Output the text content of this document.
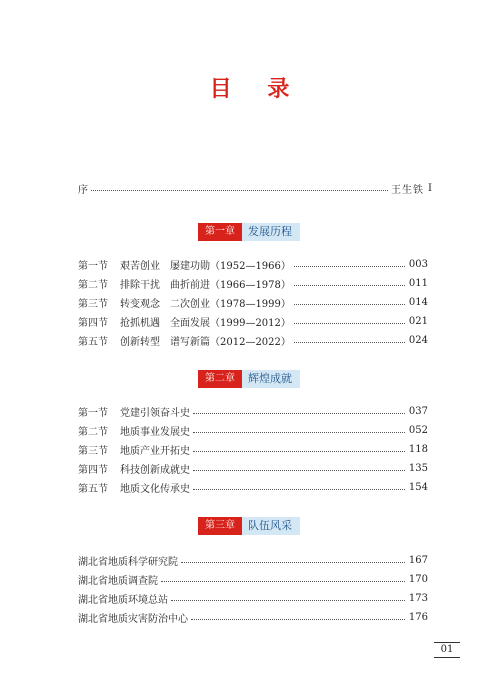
目 录
序	王生铁 Ⅰ
第一章	发展历程
第一节	艰苦创业　屡建功勋（1952—1966）	003
第二节	排除干扰　曲折前进（1966—1978）	011
第三节	转变观念　二次创业（1978—1999）	014
第四节	抢抓机遇　全面发展（1999—2012）	021
第五节	创新转型　谱写新篇（2012—2022）	024
第二章	辉煌成就
第一节	党建引领奋斗史	037
第二节	地质事业发展史	052
第三节	地质产业开拓史	118
第四节	科技创新成就史	135
第五节	地质文化传承史	154
第三章	队伍风采
湖北省地质科学研究院	167
湖北省地质调查院	170
湖北省地质环境总站	173
湖北省地质灾害防治中心	176
01
